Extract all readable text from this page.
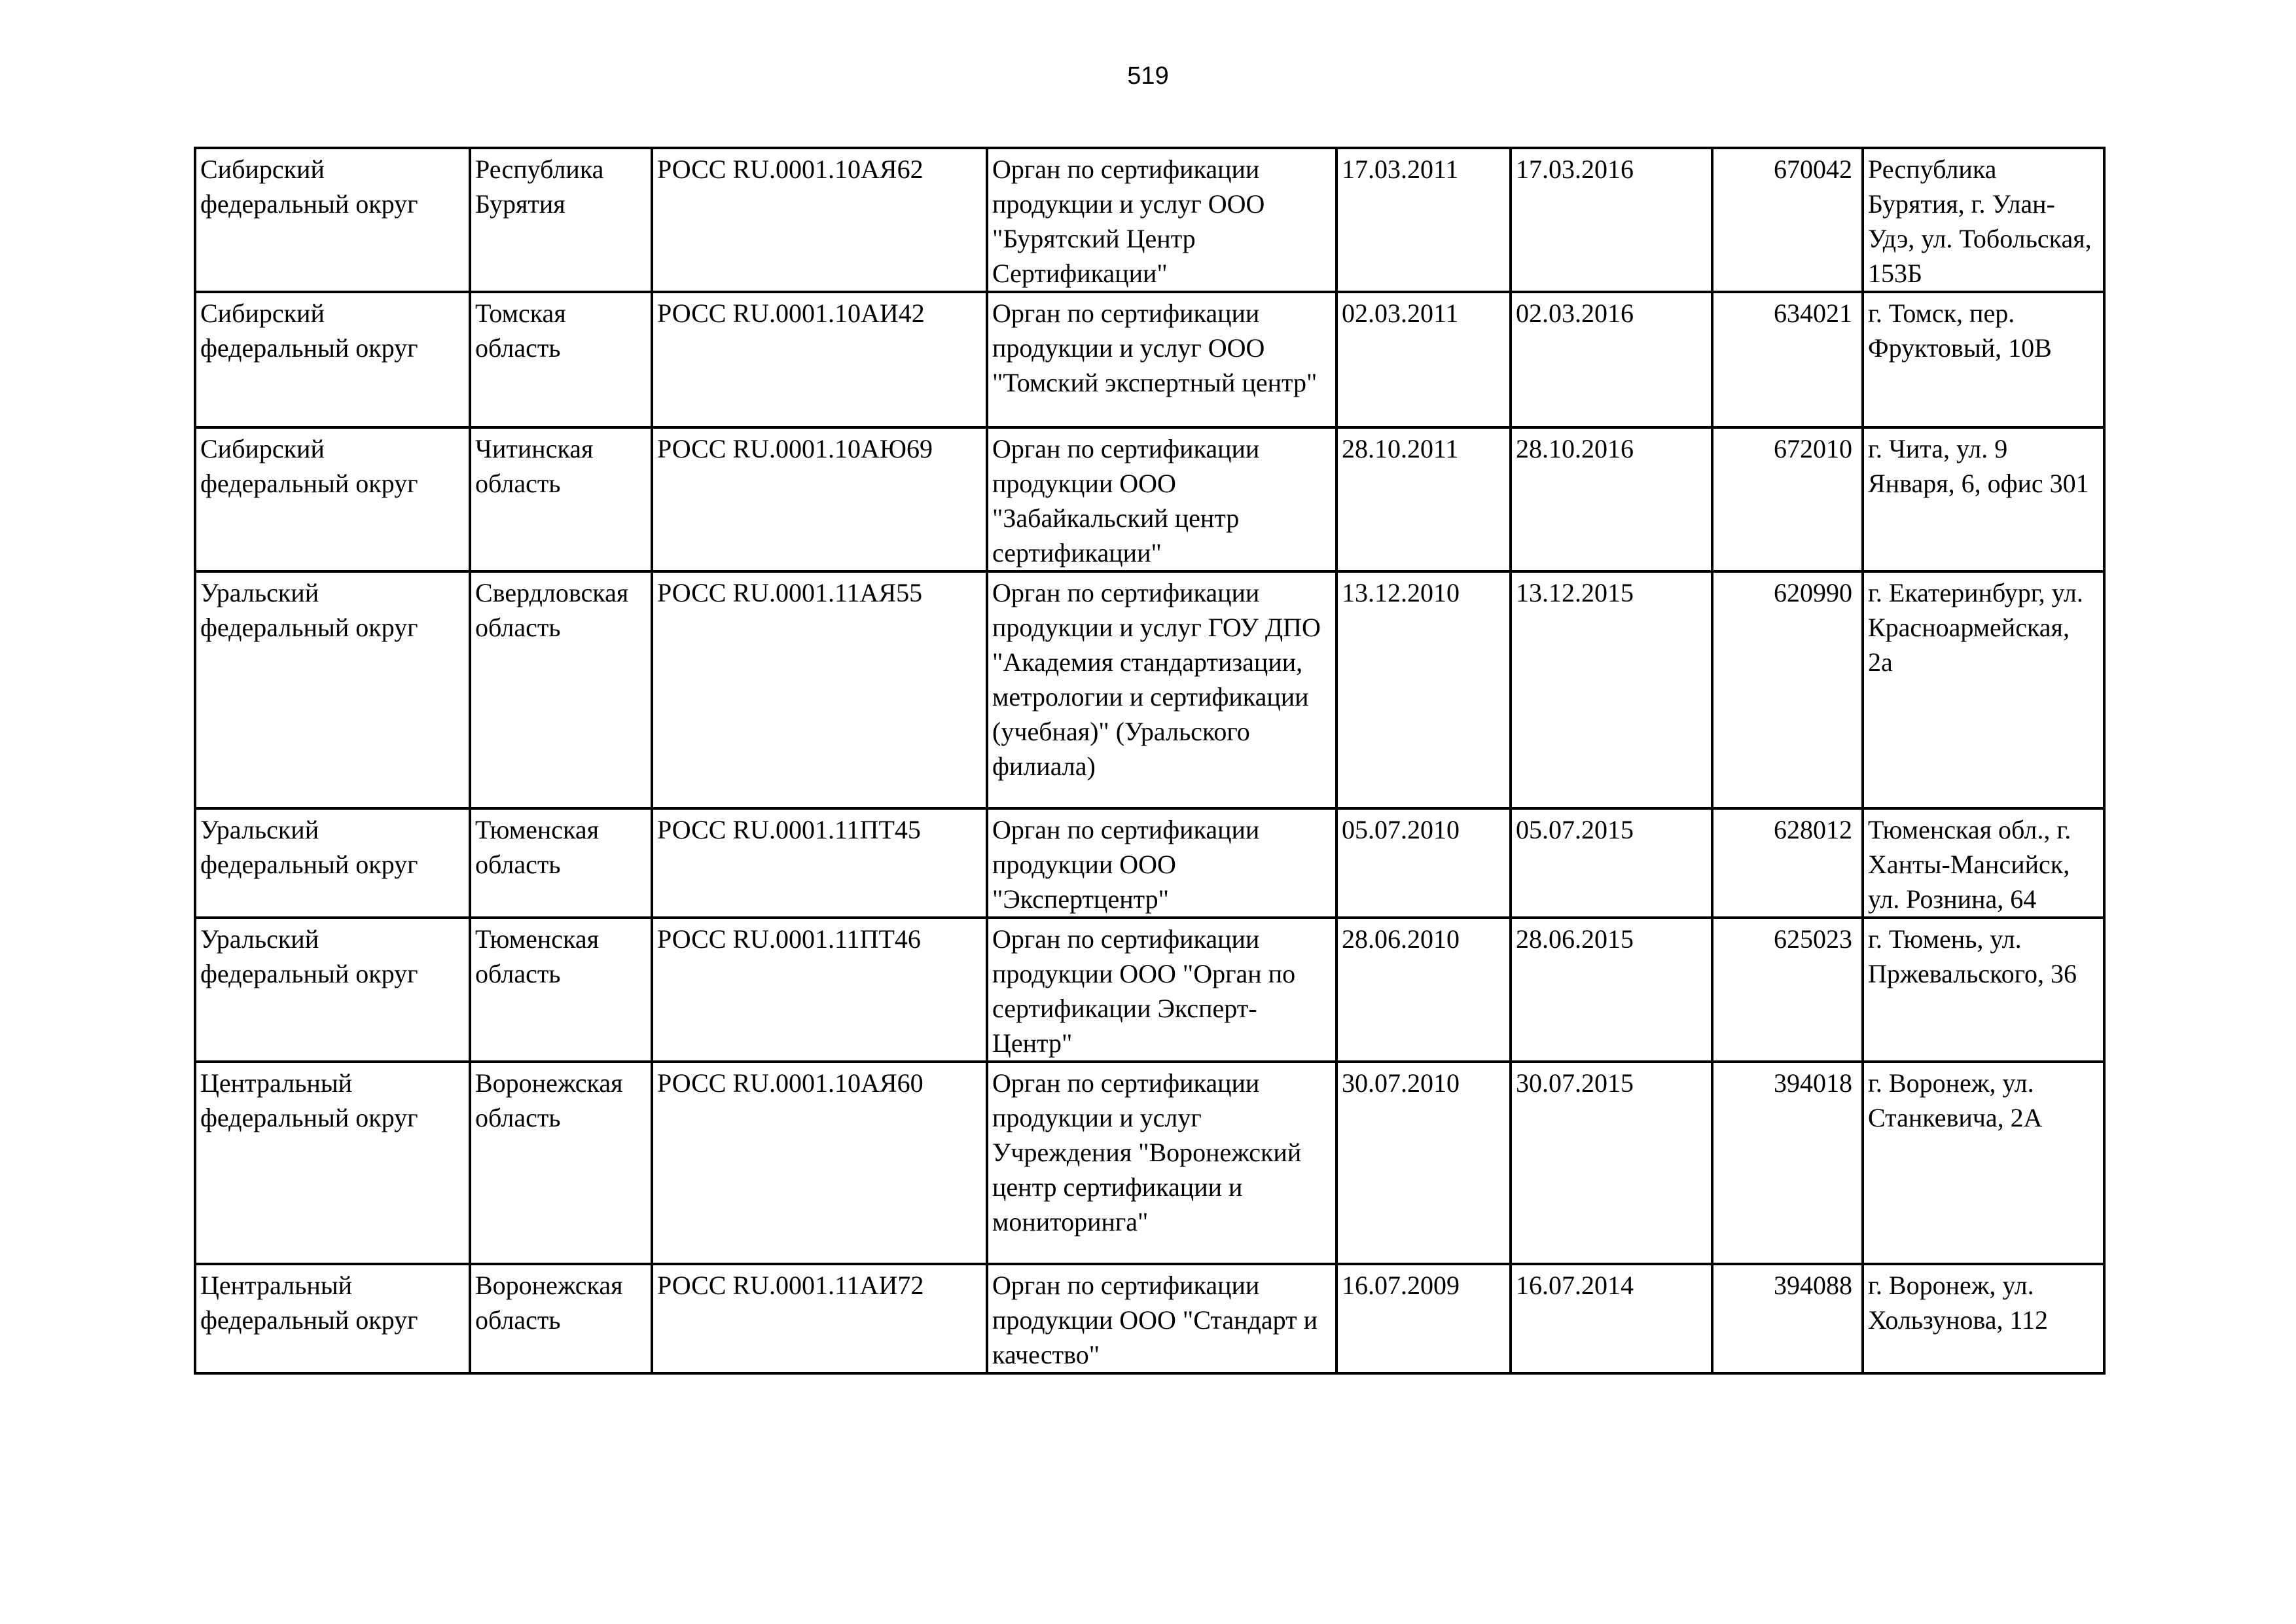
519
Сибирский федеральный округ	Республика Бурятия	РОСС RU.0001.10АЯ62	Орган по сертификации продукции и услуг ООО "Бурятский Центр Сертификации"	17.03.2011	17.03.2016	670042	Республика Бурятия, г. Улан-Удэ, ул. Тобольская, 153Б
Сибирский федеральный округ	Томская область	РОСС RU.0001.10АИ42	Орган по сертификации продукции и услуг ООО "Томский экспертный центр"	02.03.2011	02.03.2016	634021	г. Томск, пер. Фруктовый, 10В
Сибирский федеральный округ	Читинская область	РОСС RU.0001.10АЮ69	Орган по сертификации продукции ООО "Забайкальский центр сертификации"	28.10.2011	28.10.2016	672010	г. Чита, ул. 9 Января, 6, офис 301
Уральский федеральный округ	Свердловская область	РОСС RU.0001.11АЯ55	Орган по сертификации продукции и услуг ГОУ ДПО "Академия стандартизации, метрологии и сертификации (учебная)" (Уральского филиала)	13.12.2010	13.12.2015	620990	г. Екатеринбург, ул. Красноармейская, 2а
Уральский федеральный округ	Тюменская область	РОСС RU.0001.11ПТ45	Орган по сертификации продукции ООО "Экспертцентр"	05.07.2010	05.07.2015	628012	Тюменская обл., г. Ханты-Мансийск, ул. Рознина, 64
Уральский федеральный округ	Тюменская область	РОСС RU.0001.11ПТ46	Орган по сертификации продукции ООО "Орган по сертификации Эксперт-Центр"	28.06.2010	28.06.2015	625023	г. Тюмень, ул. Пржевальского, 36
Центральный федеральный округ	Воронежская область	РОСС RU.0001.10АЯ60	Орган по сертификации продукции и услуг Учреждения "Воронежский центр сертификации и мониторинга"	30.07.2010	30.07.2015	394018	г. Воронеж, ул. Станкевича, 2А
Центральный федеральный округ	Воронежская область	РОСС RU.0001.11АИ72	Орган по сертификации продукции ООО "Стандарт и качество"	16.07.2009	16.07.2014	394088	г. Воронеж, ул. Хользунова, 112
